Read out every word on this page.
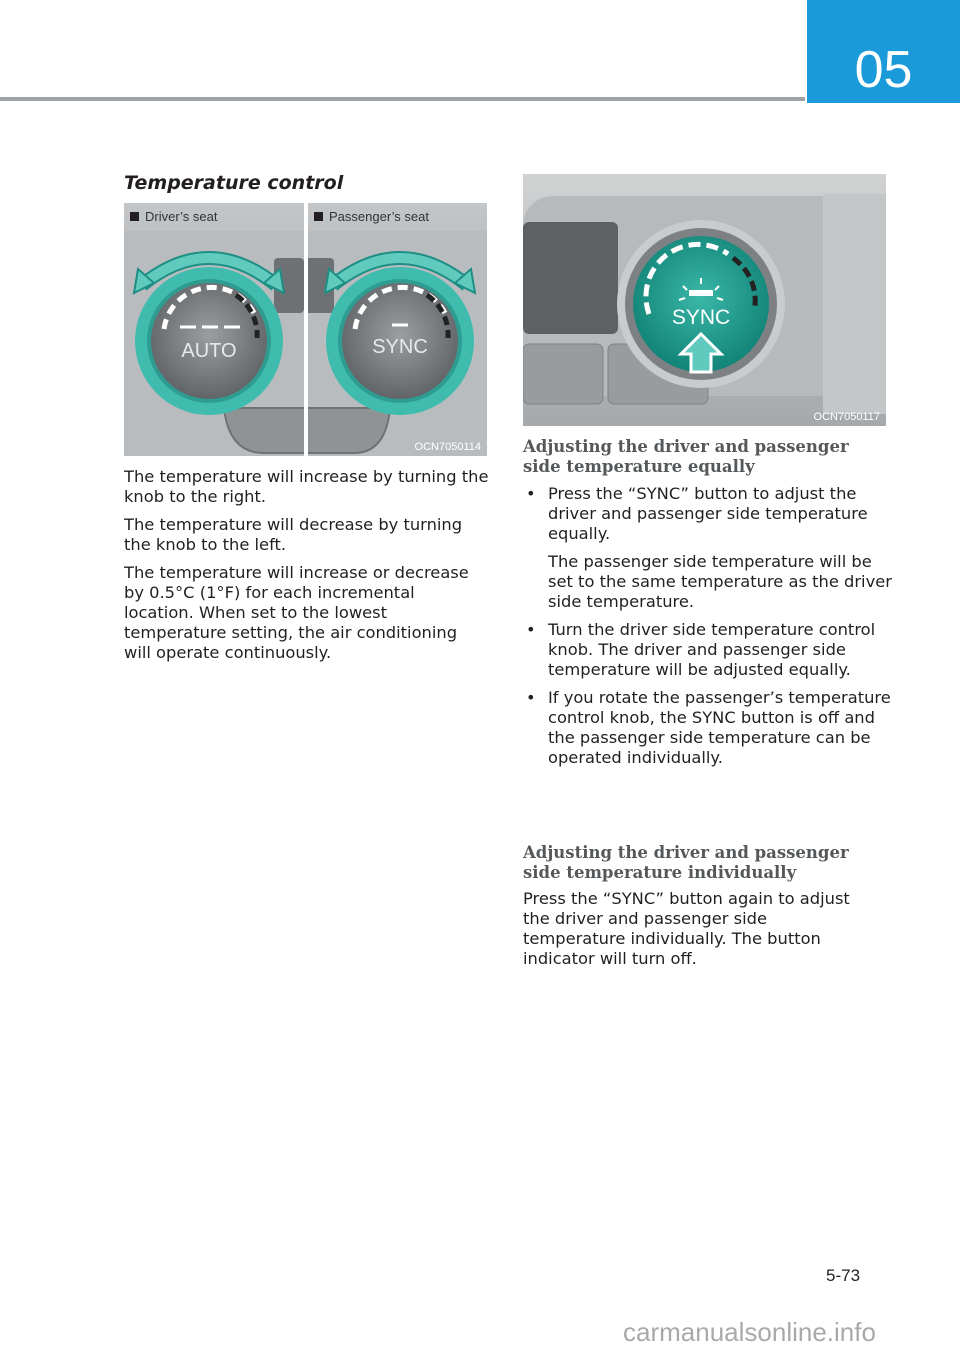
05
Temperature control
AUTO	SYNC
Driver’s seat	Passenger’s seat
OCN7050114
SYNC
OCN7050117

The temperature will increase by turning the knob to the right.

The temperature will decrease by turning the knob to the left.

The temperature will increase or decrease by 0.5°C (1°F) for each incremental location. When set to the lowest temperature setting, the air conditioning will operate continuously.

Adjusting the driver and passenger side temperature equally
• Press the “SYNC” button to adjust the driver and passenger side temperature equally.
The passenger side temperature will be set to the same temperature as the driver side temperature.
• Turn the driver side temperature control knob. The driver and passenger side temperature will be adjusted equally.
• If you rotate the passenger’s temperature control knob, the SYNC button is off and the passenger side temperature can be operated individually.
Adjusting the driver and passenger side temperature individually

Press the “SYNC” button again to adjust the driver and passenger side temperature individually. The button indicator will turn off.

5-73
carmanualsonline.info
